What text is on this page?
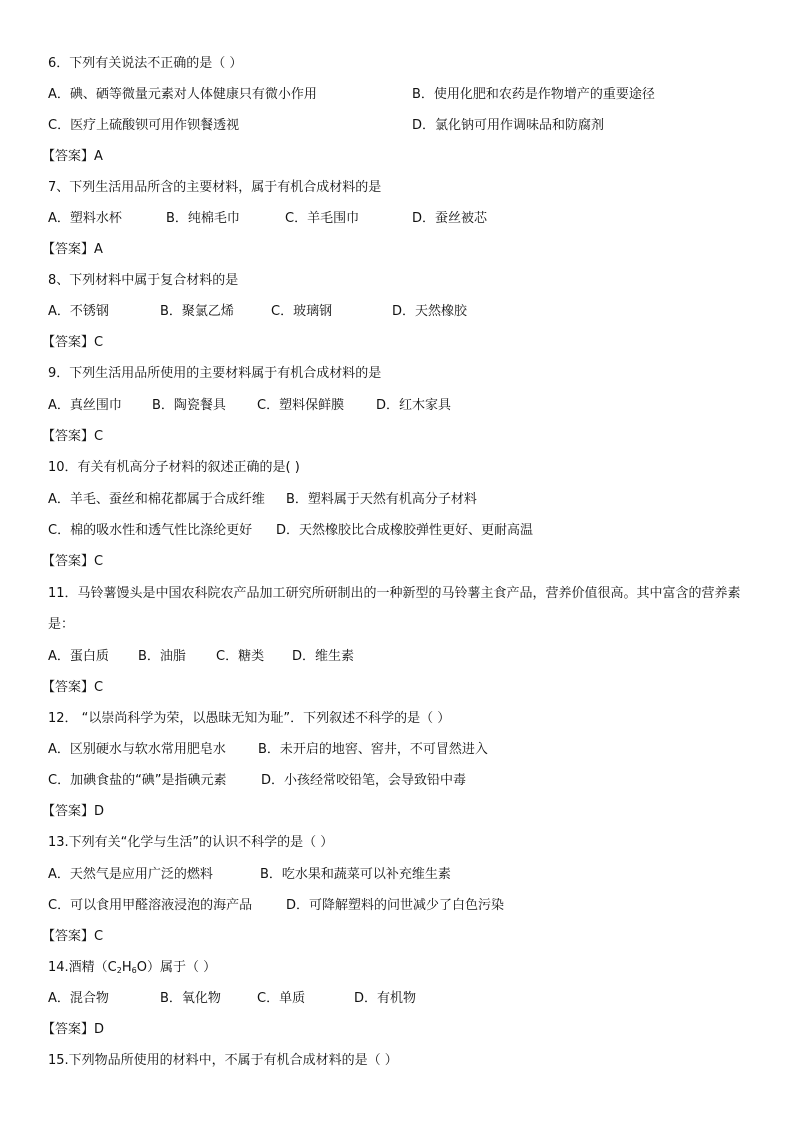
6．下列有关说法不正确的是（ ）
A．碘、硒等微量元素对人体健康只有微小作用	B．使用化肥和农药是作物增产的重要途径
C．医疗上硫酸钡可用作钡餐透视	D．氯化钠可用作调味品和防腐剂
【答案】A
7、下列生活用品所含的主要材料，属于有机合成材料的是
A．塑料水杯	B．纯棉毛巾	C．羊毛围巾	D．蚕丝被芯
【答案】A
8、下列材料中属于复合材料的是
A．不锈钢	B．聚氯乙烯	C．玻璃钢	D．天然橡胶
【答案】C
9．下列生活用品所使用的主要材料属于有机合成材料的是
A．真丝围巾 B．陶瓷餐具 C．塑料保鲜膜 D．红木家具
【答案】C
10．有关有机高分子材料的叙述正确的是( )
A．羊毛、蚕丝和棉花都属于合成纤维 B．塑料属于天然有机高分子材料
C．棉的吸水性和透气性比涤纶更好 D．天然橡胶比合成橡胶弹性更好、更耐高温
【答案】C
11．马铃薯馒头是中国农科院农产品加工研究所研制出的一种新型的马铃薯主食产品，营养价值很高。其中富含的营养素是：
A．蛋白质 B．油脂 C．糖类 D．维生素
【答案】C
12． “以崇尚科学为荣，以愚昧无知为耻”．下列叙述不科学的是（ ）
A．区别硬水与软水常用肥皂水 B．未开启的地窖、窖井，不可冒然进入
C．加碘食盐的“碘”是指碘元素	D．小孩经常咬铅笔，会导致铅中毒
【答案】D
13.下列有关“化学与生活”的认识不科学的是（ ）
A．天然气是应用广泛的燃料	B．吃水果和蔬菜可以补充维生素
C．可以食用甲醛溶液浸泡的海产品	D．可降解塑料的问世减少了白色污染
【答案】C
14.酒精$(C_2H_6O)$属于（ ）
A．混合物	B．氧化物	C．单质	D．有机物
【答案】D
15.下列物品所使用的材料中，不属于有机合成材料的是（ ）
